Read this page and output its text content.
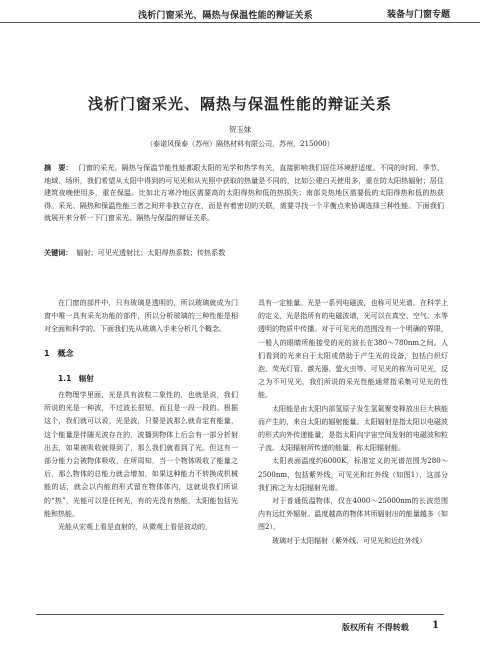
浅析门窗采光、隔热与保温性能的辩证关系	装备与门窗专题
浅析门窗采光、隔热与保温性能的辩证关系
贺玉妹
（泰诺风保泰（苏州）隔热材料有限公司，苏州，215000）
摘　要： 门窗的采光、隔热与保温节能性能都跟太阳的光学和热学有关，直接影响我们居住环境舒适度。不同的时间、季节、地域、场所，我们希望从太阳中得到的可见光和从光照中获取的热量是不同的，比如公建白天使用多，重在防太阳热辐射；居住建筑夜晚使用多，重在保温。比如北方寒冷地区需要高的太阳得热和低的热损失；南部炎热地区需要低的太阳得热和低的热获得。采光、隔热和保温性能三者之间并非独立存在，而是有着密切的关联，需要寻找一个平衡点来协调选择三种性能。下面我们就展开来分析一下门窗采光、隔热与保温的辩证关系。
关键词： 辐射；可见光透射比；太阳得热系数；传热系数

在门窗的部件中，只有玻璃是透明的，所以玻璃就成为门窗中唯一具有采光功能的部件，所以分析玻璃的三种性能是相对全面和科学的。下面我们先从玻璃入手来分析几个概念。

1　概念
1.1　辐射

在物理学里面，光是具有波粒二象性的，也就是说，我们所说的光是一种波，不过波长很短，而且是一段一段的。根据这个，我们就可以说，光是波，只要是波那么就肯定有能量，这个能量是伴随光波存在的，波播到物体上后会有一部分折射出去，如果被吸收就得到了，那么我们就看到了光。但这有一部分能力会被物体吸收，在所周知，当一个物体吸收了能量之后，那么物体的总能力就会增加，如果这种能力不转换成机械能的话，就会以内能的形式留在物体体内，这就说我们所说的“热”，光能可以是任何光，有的光没有热能，太阳能包括光能和热能。

光能从宏观上看是直射的，从微观上看是波动的，

具有一定能量。光是一系列电磁波，也称可见光谱。在科学上的定义，光是指所有的电磁波谱，光可以在真空、空气、水等透明的物质中传播。对于可见光的范围没有一个明确的界限，一般人的眼睛所能接受的光的波长在380～780nm之间。人们看到的光来自于太阳或借助于产生光的设备，包括白炽灯泡、荧光灯管、激光器、萤火虫等。可见光的称为可见光，反之为不可见光，我们所说的采光性能通常指采集可见光的性能。

太阳能是由太阳内部氢原子发生氢氦聚变释放出巨大核能而产生的，来自太阳的辐射能量。太阳辐射是指太阳以电磁波的形式向外传递能量，是指太阳向宇宙空间发射的电磁波和粒子流。太阳辐射所传递的能量，称太阳辐射能。

太阳表面温度约6000K，标准定义的光谱范围为280～2500nm，包括紫外线，可见光和红外线（如图1），这部分我们称之为太阳辐射光谱。

对于普通低温物体，仅在4000～25000nm的长波范围内有远红外辐射。温度越高的物体其所辐射出的能量越多（如图2）。

玻璃对于太阳辐射（紫外线、可见光和近红外线）

版权所有 不得转载 1
